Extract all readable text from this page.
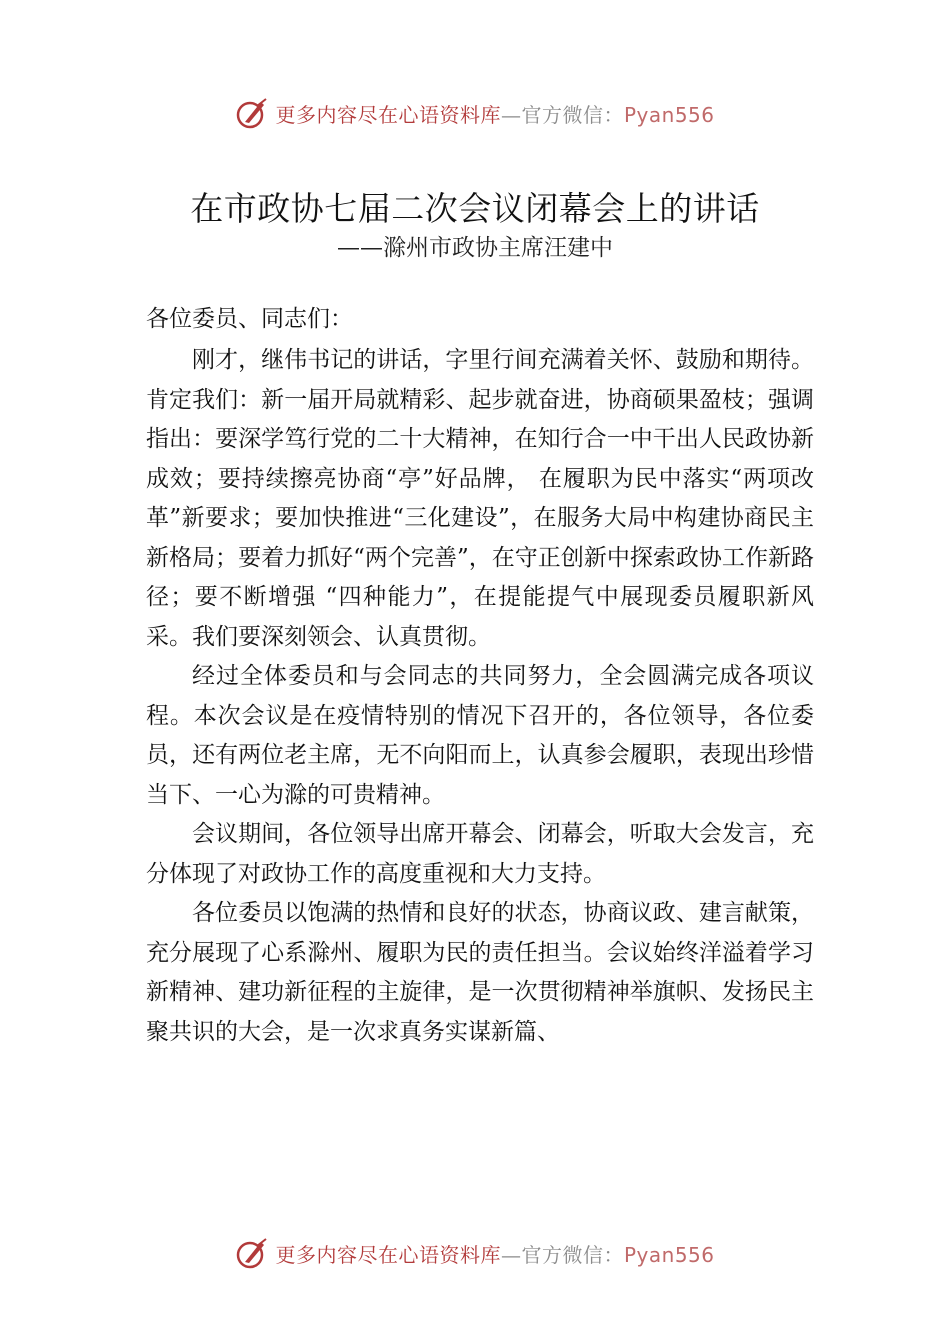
更多内容尽在心语资料库—官方微信：Pyan556
在市政协七届二次会议闭幕会上的讲话
——滁州市政协主席汪建中
各位委员、同志们：

刚才，继伟书记的讲话，字里行间充满着关怀、鼓励和期待。肯定我们：新一届开局就精彩、起步就奋进，协商硕果盈枝；强调指出：要深学笃行党的二十大精神，在知行合一中干出人民政协新成效；要持续擦亮协商“亭”好品牌， 在履职为民中落实“两项改革”新要求；要加快推进“三化建设”，在服务大局中构建协商民主新格局；要着力抓好“两个完善”，在守正创新中探索政协工作新路径；要不断增强 “四种能力”，在提能提气中展现委员履职新风采。我们要深刻领会、认真贯彻。

经过全体委员和与会同志的共同努力，全会圆满完成各项议程。本次会议是在疫情特别的情况下召开的，各位领导，各位委员，还有两位老主席，无不向阳而上，认真参会履职，表现出珍惜当下、一心为滁的可贵精神。

会议期间，各位领导出席开幕会、闭幕会，听取大会发言，充分体现了对政协工作的高度重视和大力支持。

各位委员以饱满的热情和良好的状态，协商议政、建言献策，充分展现了心系滁州、履职为民的责任担当。会议始终洋溢着学习新精神、建功新征程的主旋律，是一次贯彻精神举旗帜、发扬民主聚共识的大会，是一次求真务实谋新篇、

更多内容尽在心语资料库—官方微信：Pyan556
